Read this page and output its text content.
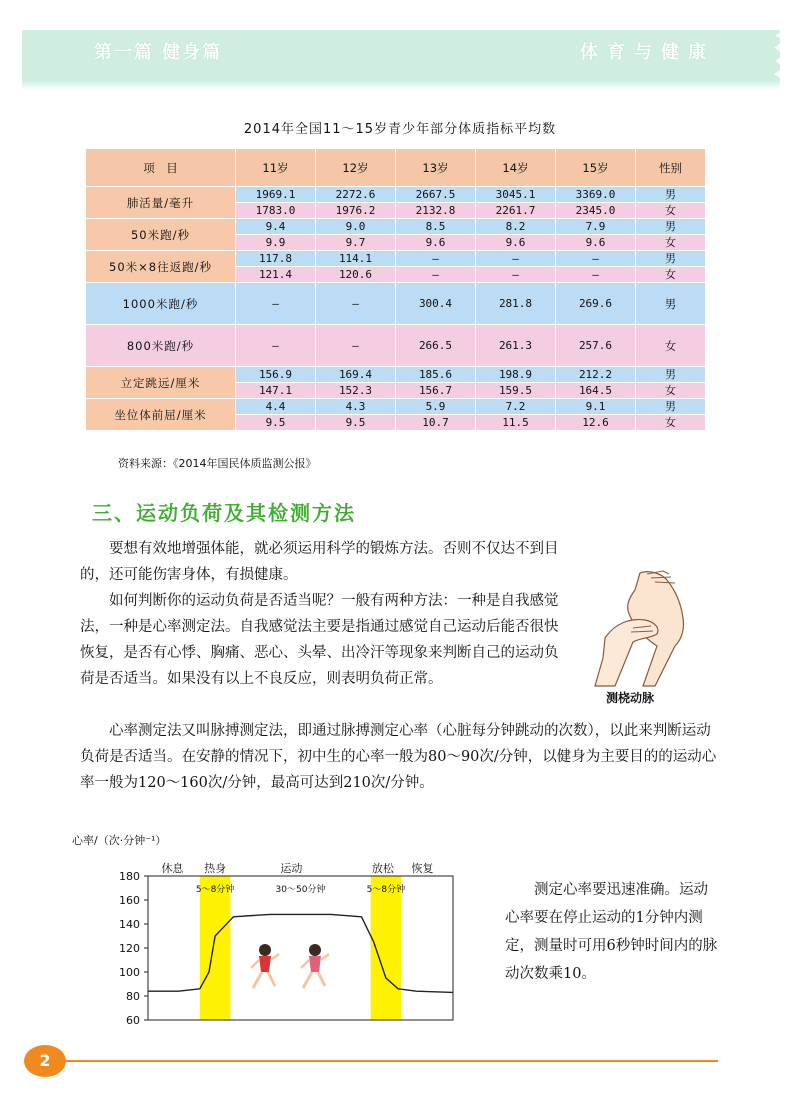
第一篇 健身篇	体育与健康
2014年全国11～15岁青少年部分体质指标平均数
项　目	11岁	12岁	13岁	14岁	15岁	性别
肺活量/毫升	1969.1	2272.6	2667.5	3045.1	3369.0	男
	1783.0	1976.2	2132.8	2261.7	2345.0	女
50米跑/秒	9.4	9.0	8.5	8.2	7.9	男
	9.9	9.7	9.6	9.6	9.6	女
50米×8往返跑/秒	117.8	114.1	—	—	—	男
	121.4	120.6	—	—	—	女
1000米跑/秒	—	—	300.4	281.8	269.6	男
800米跑/秒	—	—	266.5	261.3	257.6	女
立定跳远/厘米	156.9	169.4	185.6	198.9	212.2	男
	147.1	152.3	156.7	159.5	164.5	女
坐位体前屈/厘米	4.4	4.3	5.9	7.2	9.1	男
	9.5	9.5	10.7	11.5	12.6	女
资料来源：《2014年国民体质监测公报》
三、运动负荷及其检测方法
要想有效地增强体能，就必须运用科学的锻炼方法。否则不仅达不到目的，还可能伤害身体，有损健康。
如何判断你的运动负荷是否适当呢？一般有两种方法：一种是自我感觉法，一种是心率测定法。自我感觉法主要是指通过感觉自己运动后能否很快恢复，是否有心悸、胸痛、恶心、头晕、出冷汗等现象来判断自己的运动负荷是否适当。如果没有以上不良反应，则表明负荷正常。
心率测定法又叫脉搏测定法，即通过脉搏测定心率（心脏每分钟跳动的次数），以此来判断运动负荷是否适当。在安静的情况下，初中生的心率一般为80～90次/分钟，以健身为主要目的的运动心率一般为120～160次/分钟，最高可达到210次/分钟。
测桡动脉
心率/（次·分钟⁻¹）
60
80
100
120
140
160
180
休息 热身	运动	放松 恢复
5～8分钟	30～50分钟	5～8分钟	测定心率要迅速准确。运动心率要在停止运动的1分钟内测定，测量时可用6秒钟时间内的脉动次数乘10。
2
